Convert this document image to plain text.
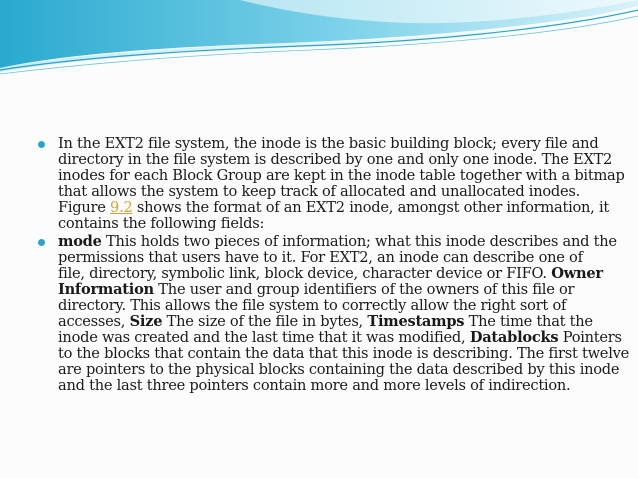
In the EXT2 file system, the inode is the basic building block; every file and
directory in the file system is described by one and only one inode. The EXT2
inodes for each Block Group are kept in the inode table together with a bitmap
that allows the system to keep track of allocated and unallocated inodes.
Figure 9.2 shows the format of an EXT2 inode, amongst other information, it
contains the following fields:
mode This holds two pieces of information; what this inode describes and the
permissions that users have to it. For EXT2, an inode can describe one of
file, directory, symbolic link, block device, character device or FIFO. Owner
Information The user and group identifiers of the owners of this file or
directory. This allows the file system to correctly allow the right sort of
accesses, Size The size of the file in bytes, Timestamps The time that the
inode was created and the last time that it was modified, Datablocks Pointers
to the blocks that contain the data that this inode is describing. The first twelve
are pointers to the physical blocks containing the data described by this inode
and the last three pointers contain more and more levels of indirection.
